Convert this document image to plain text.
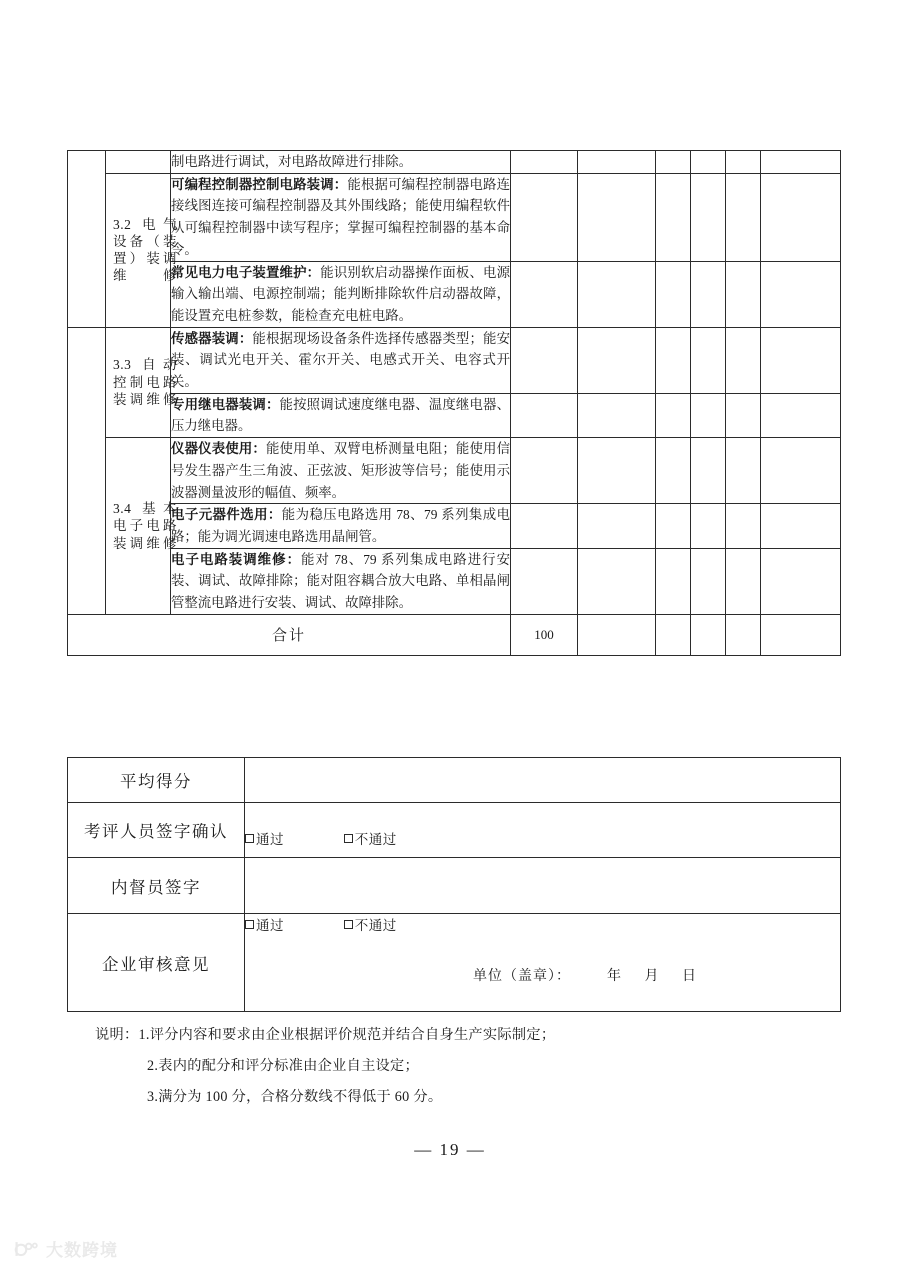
		制电路进行调试，对电路故障进行排除。						

	3.2 电气设备（装置）装调维修	可编程控制器控制电路装调：能根据可编程控制器电路连接线图连接可编程控制器及其外围线路；能使用编程软件从可编程控制器中读写程序；掌握可编程控制器的基本命令。						
		常见电力电子装置维护：能识别软启动器操作面板、电源输入输出端、电源控制端；能判断排除软件启动器故障，能设置充电桩参数，能检查充电桩电路。						

	3.3 自动控制电路装调维修	传感器装调：能根据现场设备条件选择传感器类型；能安装、调试光电开关、霍尔开关、电感式开关、电容式开关。						
		专用继电器装调：能按照调试速度继电器、温度继电器、压力继电器。						

	3.4 基本电子电路装调维修	仪器仪表使用：能使用单、双臂电桥测量电阻；能使用信号发生器产生三角波、正弦波、矩形波等信号；能使用示波器测量波形的幅值、频率。						
		电子元器件选用：能为稳压电路选用 78、79 系列集成电路；能为调光调速电路选用晶闸管。						
		电子电路装调维修：能对 78、79 系列集成电路进行安装、调试、故障排除；能对阻容耦合放大电路、单相晶闸管整流电路进行安装、调试、故障排除。						
合计			100					
平均得分	
考评人员签字确认	通过 不通过
内督员签字	
企业审核意见	通过 不通过
单位（盖章）：        年     月     日
说明：1.评分内容和要求由企业根据评价规范并结合自身生产实际制定；
2.表内的配分和评分标准由企业自主设定；
3.满分为 100 分，合格分数线不得低于 60 分。
— 19 —
大数跨境
